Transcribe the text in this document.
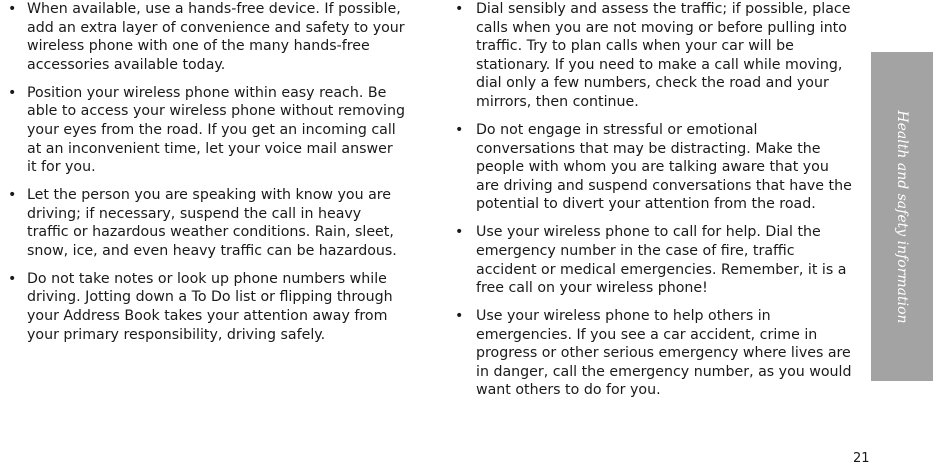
• When available, use a hands-free device. If possible, add an extra layer of convenience and safety to your wireless phone with one of the many hands-free accessories available today.
• Position your wireless phone within easy reach. Be able to access your wireless phone without removing your eyes from the road. If you get an incoming call at an inconvenient time, let your voice mail answer it for you.
• Let the person you are speaking with know you are driving; if necessary, suspend the call in heavy traffic or hazardous weather conditions. Rain, sleet, snow, ice, and even heavy traffic can be hazardous.
• Do not take notes or look up phone numbers while driving. Jotting down a To Do list or flipping through your Address Book takes your attention away from your primary responsibility, driving safely.
• Dial sensibly and assess the traffic; if possible, place calls when you are not moving or before pulling into traffic. Try to plan calls when your car will be stationary. If you need to make a call while moving, dial only a few numbers, check the road and your mirrors, then continue.
• Do not engage in stressful or emotional conversations that may be distracting. Make the people with whom you are talking aware that you are driving and suspend conversations that have the potential to divert your attention from the road.
• Use your wireless phone to call for help. Dial the emergency number in the case of fire, traffic accident or medical emergencies. Remember, it is a free call on your wireless phone!
• Use your wireless phone to help others in emergencies. If you see a car accident, crime in progress or other serious emergency where lives are in danger, call the emergency number, as you would want others to do for you.
Health and safety information
21
